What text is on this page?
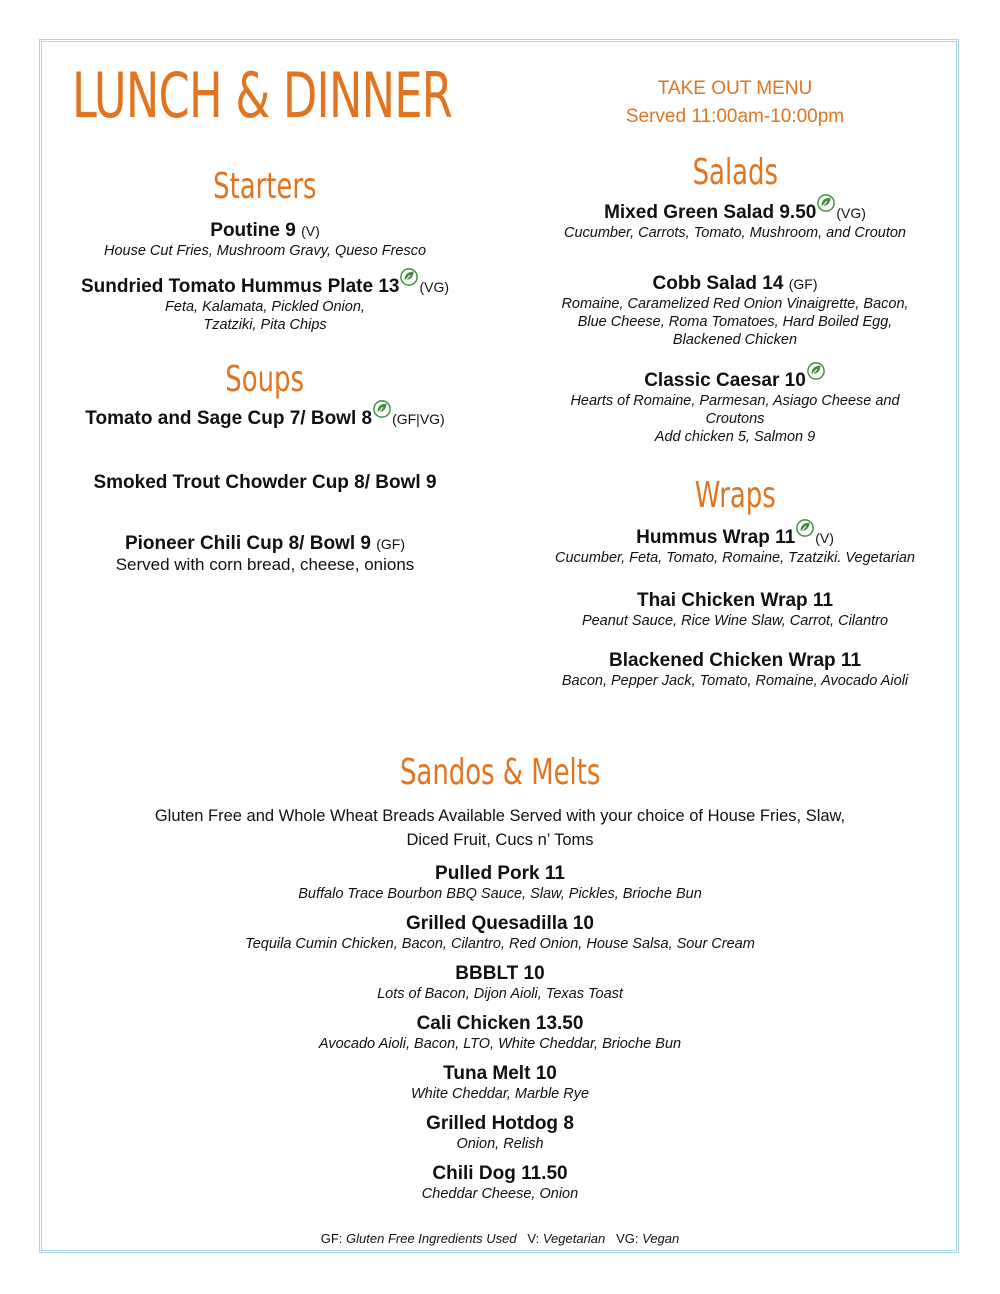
LUNCH & DINNER	TAKE OUT MENU
Served 11:00am-10:00pm
Starters
Poutine 9 (V)
House Cut Fries, Mushroom Gravy, Queso Fresco
Sundried Tomato Hummus Plate 13 (VG)
Feta, Kalamata, Pickled Onion,
Tzatziki, Pita Chips
Soups
Tomato and Sage Cup 7/ Bowl 8 (GF|VG)
Smoked Trout Chowder Cup 8/ Bowl 9
Pioneer Chili Cup 8/ Bowl 9 (GF)
Served with corn bread, cheese, onions
Salads
Mixed Green Salad 9.50 (VG)
Cucumber, Carrots, Tomato, Mushroom, and Crouton
Cobb Salad 14 (GF)
Romaine, Caramelized Red Onion Vinaigrette, Bacon,
Blue Cheese, Roma Tomatoes, Hard Boiled Egg,
Blackened Chicken
Classic Caesar 10
Hearts of Romaine, Parmesan, Asiago Cheese and
Croutons
Add chicken 5, Salmon 9
Wraps
Hummus Wrap 11 (V)
Cucumber, Feta, Tomato, Romaine, Tzatziki. Vegetarian
Thai Chicken Wrap 11
Peanut Sauce, Rice Wine Slaw, Carrot, Cilantro
Blackened Chicken Wrap 11
Bacon, Pepper Jack, Tomato, Romaine, Avocado Aioli
Sandos & Melts
Gluten Free and Whole Wheat Breads Available Served with your choice of House Fries, Slaw,
Diced Fruit, Cucs n’ Toms
Pulled Pork 11
Buffalo Trace Bourbon BBQ Sauce, Slaw, Pickles, Brioche Bun
Grilled Quesadilla 10
Tequila Cumin Chicken, Bacon, Cilantro, Red Onion, House Salsa, Sour Cream
BBBLT 10
Lots of Bacon, Dijon Aioli, Texas Toast
Cali Chicken 13.50
Avocado Aioli, Bacon, LTO, White Cheddar, Brioche Bun
Tuna Melt 10
White Cheddar, Marble Rye
Grilled Hotdog 8
Onion, Relish
Chili Dog 11.50
Cheddar Cheese, Onion
GF: Gluten Free Ingredients Used V: Vegetarian VG: Vegan
